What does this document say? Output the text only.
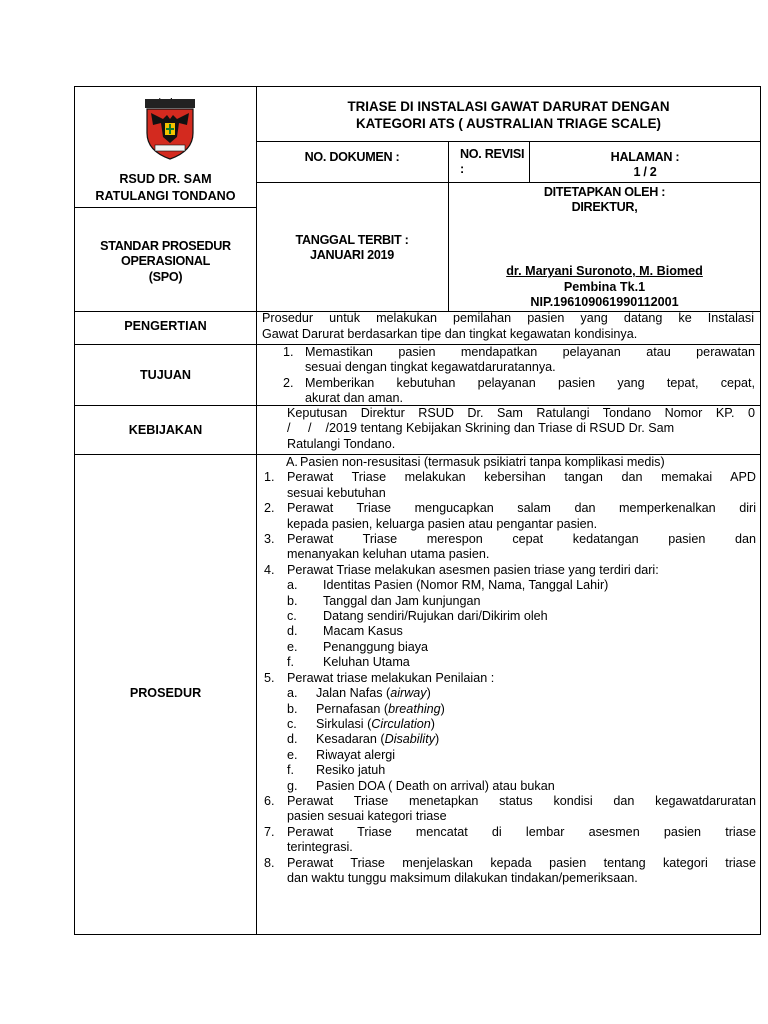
RSUD DR. SAM
RATULANGI TONDANO
TRIASE DI INSTALASI GAWAT DARURAT DENGAN
KATEGORI ATS ( AUSTRALIAN TRIAGE SCALE)
NO. DOKUMEN :	NO. REVISI :
HALAMAN :
1 / 2
STANDAR PROSEDUR
OPERASIONAL
(SPO)
TANGGAL TERBIT :
JANUARI 2019
DITETAPKAN OLEH :
DIREKTUR,
dr. Maryani Suronoto, M. Biomed
Pembina Tk.1
NIP.196109061990112001
PENGERTIAN
Prosedur untuk melakukan pemilahan pasien yang datang ke Instalasi
Gawat Darurat berdasarkan tipe dan tingkat kegawatan kondisinya.
TUJUAN
1. Memastikan pasien mendapatkan pelayanan atau perawatan
sesuai dengan tingkat kegawatdaruratannya.
2. Memberikan kebutuhan pelayanan pasien yang tepat, cepat,
akurat dan aman.
KEBIJAKAN
Keputusan Direktur RSUD Dr. Sam Ratulangi Tondano Nomor KP. 0
/     /    /2019 tentang Kebijakan Skrining dan Triase di RSUD Dr. Sam
Ratulangi Tondano.
PROSEDUR
A. Pasien non-resusitasi (termasuk psikiatri tanpa komplikasi medis)
1. Perawat Triase melakukan kebersihan tangan dan memakai APD
sesuai kebutuhan
2. Perawat Triase mengucapkan salam dan memperkenalkan diri
kepada pasien, keluarga pasien atau pengantar pasien.
3. Perawat Triase merespon cepat kedatangan pasien dan
menanyakan keluhan utama pasien.
4. Perawat Triase melakukan asesmen pasien triase yang terdiri dari:
a. Identitas Pasien (Nomor RM, Nama, Tanggal Lahir)
b. Tanggal dan Jam kunjungan
c. Datang sendiri/Rujukan dari/Dikirim oleh
d. Macam Kasus
e. Penanggung biaya
f. Keluhan Utama
5. Perawat triase melakukan Penilaian :
a. Jalan Nafas (airway)
b. Pernafasan (breathing)
c. Sirkulasi (Circulation)
d. Kesadaran (Disability)
e. Riwayat alergi
f. Resiko jatuh
g. Pasien DOA ( Death on arrival) atau bukan
6. Perawat Triase menetapkan status kondisi dan kegawatdaruratan
pasien sesuai kategori triase
7. Perawat Triase mencatat di lembar asesmen pasien triase
terintegrasi.
8. Perawat Triase menjelaskan kepada pasien tentang kategori triase
dan waktu tunggu maksimum dilakukan tindakan/pemeriksaan.
